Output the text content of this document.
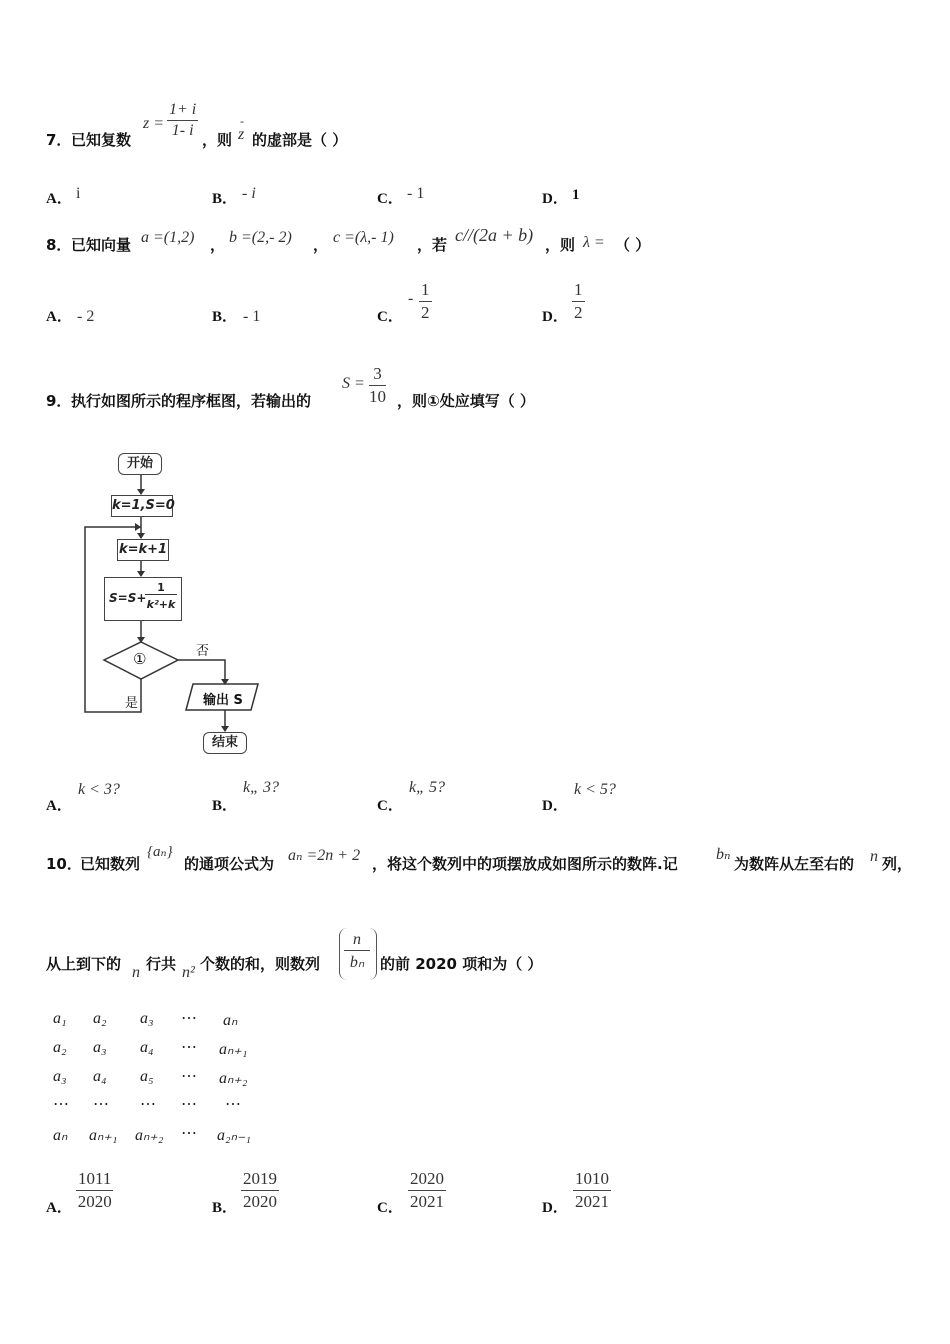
7． 已知复数
$z = \frac{1+ i}{1- i}$ ，则
-
z 的虚部是（ ）
A． i	B． - i	C． - 1	D． 1
8． 已知向量 a =(1,2) ， b =(2,- 2) ， c =(λ,- 1) ，若 c//(2a + b) ，则 λ = （ ）
A． - 2	B． - 1	C．
- $\frac{1}{2}$	D． $\frac{1}{2}$
9． 执行如图所示的程序框图，若输出的
$S = \frac{3}{10}$ ，则①处应填写（ ）
开始
k=1,S=0
k=k+1
S=S+
1
k²+k
①	否
是	输出 S
结束
A．
k < 3?
B．
k„ 3?
C．
k„ 5?
D．
k < 5?
10．
已知数列
{aₙ}
的通项公式为 aₙ =2n + 2 ，将这个数列中的项摆放成如图所示的数阵.记
bₙ
为数阵从左至右的 n 列，
从上到下的 n 行共 n² 个数的和，则数列 $\frac{n}{\text{bₙ}}$ 的前 2020 项和为（ ）
a₁ a₂ a₃ ⋯ aₙ
a₂ a₃ a₄ ⋯ aₙ₊₁
a₃ a₄ a₅ ⋯ aₙ₊₂
⋯ ⋯ ⋯ ⋯ ⋯
aₙ aₙ₊₁ aₙ₊₂ ⋯ a₂ₙ₋₁
A． $\frac{1011}{2020}$	B． $\frac{2019}{2020}$	C． $\frac{2020}{2021}$	D． $\frac{1010}{2021}$
